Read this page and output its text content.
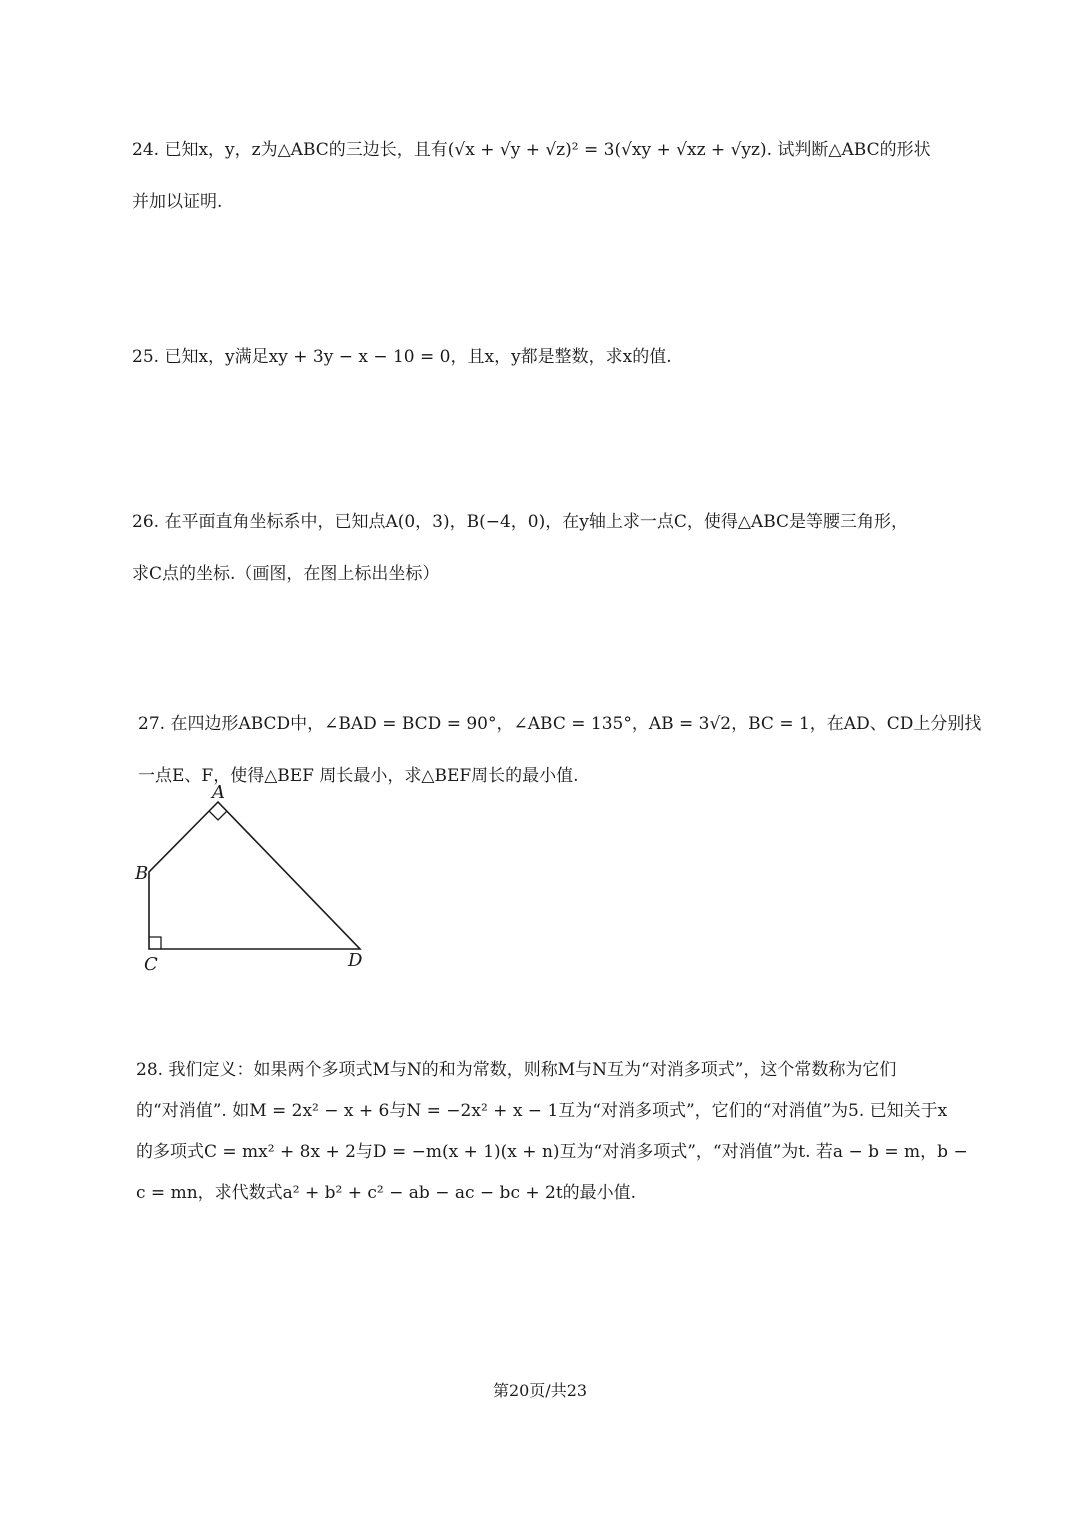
24. 已知x，y，z为△ABC的三边长，且有(√x + √y + √z)² = 3(√xy + √xz + √yz). 试判断△ABC的形状
并加以证明.
25. 已知x，y满足xy + 3y − x − 10 = 0，且x，y都是整数，求x的值.
26. 在平面直角坐标系中，已知点A(0，3)，B(−4，0)，在y轴上求一点C，使得△ABC是等腰三角形，
求C点的坐标.（画图，在图上标出坐标）
27. 在四边形ABCD中，∠BAD = BCD = 90°，∠ABC = 135°，AB = 3√2，BC = 1，在AD、CD上分别找
一点E、F，使得△BEF 周长最小，求△BEF周长的最小值.
A
B
C	D
28. 我们定义：如果两个多项式M与N的和为常数，则称M与N互为“对消多项式”，这个常数称为它们
的“对消值”. 如M = 2x² − x + 6与N = −2x² + x − 1互为“对消多项式”，它们的“对消值”为5. 已知关于x
的多项式C = mx² + 8x + 2与D = −m(x + 1)(x + n)互为“对消多项式”，“对消值”为t. 若a − b = m，b −
c = mn，求代数式a² + b² + c² − ab − ac − bc + 2t的最小值.
第20页/共23
